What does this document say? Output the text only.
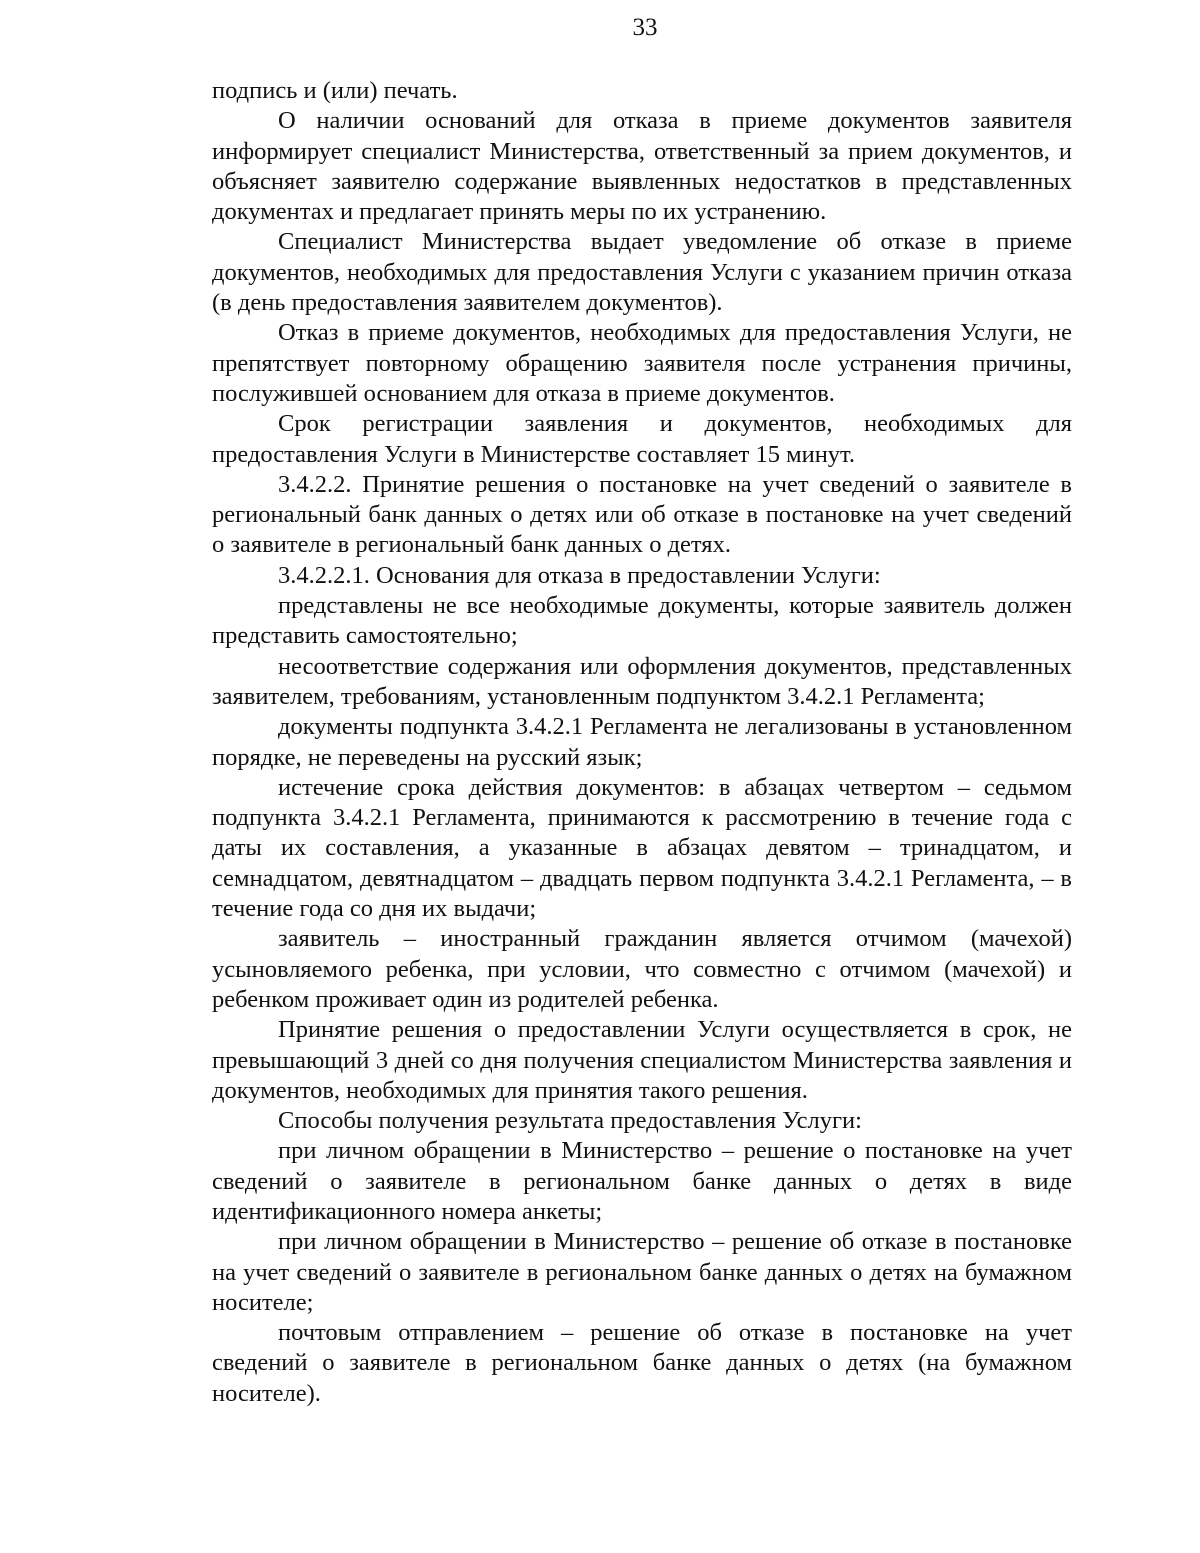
33

подпись и (или) печать.

О наличии оснований для отказа в приеме документов заявителя информирует специалист Министерства, ответственный за прием документов, и объясняет заявителю содержание выявленных недостатков в представленных документах и предлагает принять меры по их устранению.

Специалист Министерства выдает уведомление об отказе в приеме документов, необходимых для предоставления Услуги с указанием причин отказа (в день предоставления заявителем документов).

Отказ в приеме документов, необходимых для предоставления Услуги, не препятствует повторному обращению заявителя после устранения причины, послужившей основанием для отказа в приеме документов.

Срок регистрации заявления и документов, необходимых для предоставления Услуги в Министерстве составляет 15 минут.

3.4.2.2. Принятие решения о постановке на учет сведений о заявителе в региональный банк данных о детях или об отказе в постановке на учет сведений о заявителе в региональный банк данных о детях.

3.4.2.2.1. Основания для отказа в предоставлении Услуги:

представлены не все необходимые документы, которые заявитель должен представить самостоятельно;

несоответствие содержания или оформления документов, представленных заявителем, требованиям, установленным подпунктом 3.4.2.1 Регламента;

документы подпункта 3.4.2.1 Регламента не легализованы в установленном порядке, не переведены на русский язык;

истечение срока действия документов: в абзацах четвертом – седьмом подпункта 3.4.2.1 Регламента, принимаются к рассмотрению в течение года с даты их составления, а указанные в абзацах девятом – тринадцатом, и семнадцатом, девятнадцатом – двадцать первом подпункта 3.4.2.1 Регламента, – в течение года со дня их выдачи;

заявитель – иностранный гражданин является отчимом (мачехой) усыновляемого ребенка, при условии, что совместно с отчимом (мачехой) и ребенком проживает один из родителей ребенка.

Принятие решения о предоставлении Услуги осуществляется в срок, не превышающий 3 дней со дня получения специалистом Министерства заявления и документов, необходимых для принятия такого решения.

Способы получения результата предоставления Услуги:

при личном обращении в Министерство – решение о постановке на учет сведений о заявителе в региональном банке данных о детях в виде идентификационного номера анкеты;

при личном обращении в Министерство – решение об отказе в постановке на учет сведений о заявителе в региональном банке данных о детях на бумажном носителе;

почтовым отправлением – решение об отказе в постановке на учет сведений о заявителе в региональном банке данных о детях (на бумажном носителе).
